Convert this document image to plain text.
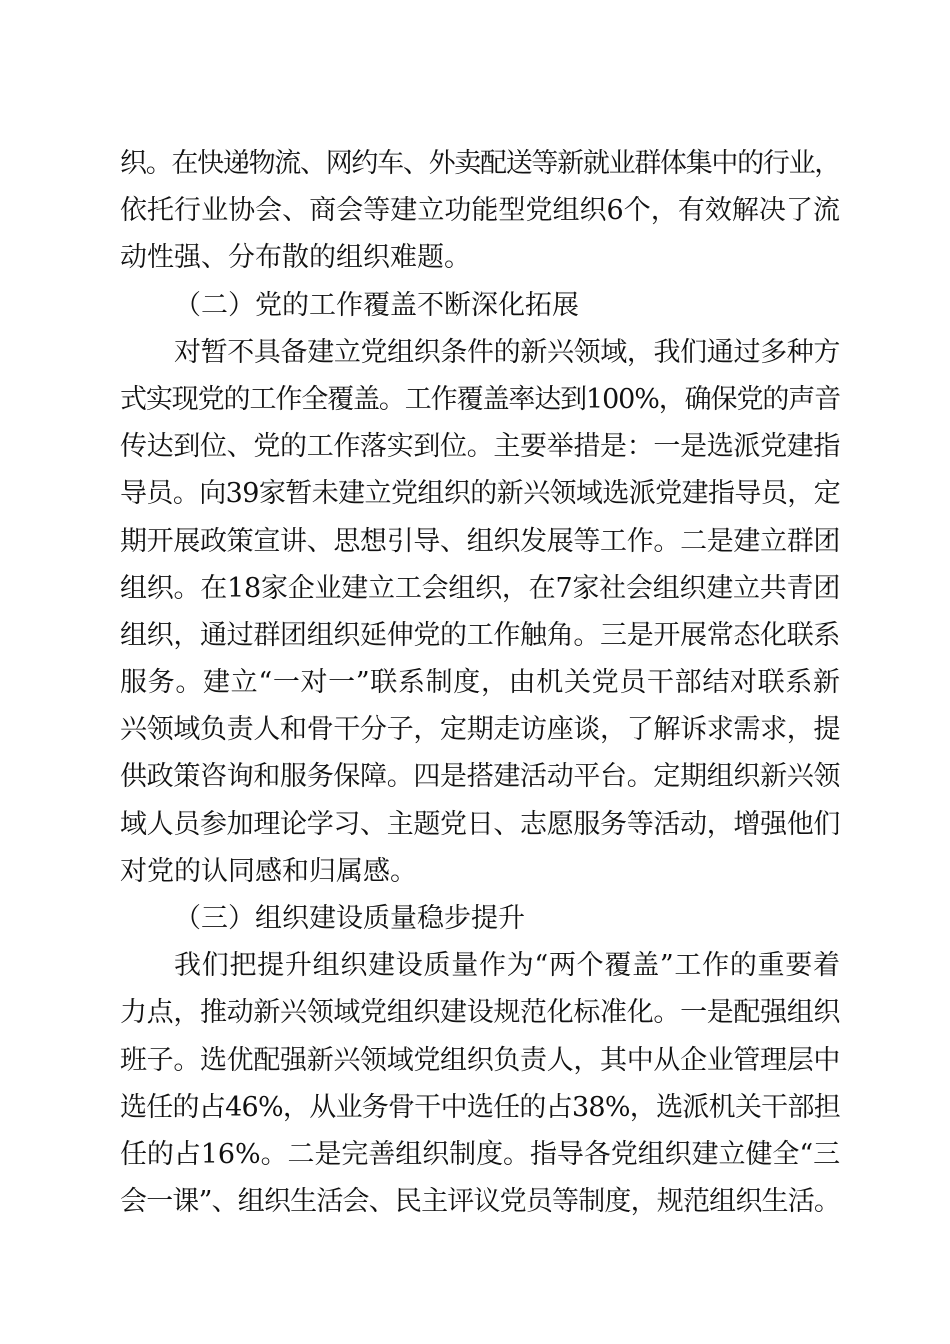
织。在快递物流、网约车、外卖配送等新就业群体集中的行业，
依托行业协会、商会等建立功能型党组织6个，有效解决了流
动性强、分布散的组织难题。
（二）党的工作覆盖不断深化拓展
对暂不具备建立党组织条件的新兴领域，我们通过多种方
式实现党的工作全覆盖。工作覆盖率达到100%，确保党的声音
传达到位、党的工作落实到位。主要举措是：一是选派党建指
导员。向39家暂未建立党组织的新兴领域选派党建指导员，定
期开展政策宣讲、思想引导、组织发展等工作。二是建立群团
组织。在18家企业建立工会组织，在7家社会组织建立共青团
组织，通过群团组织延伸党的工作触角。三是开展常态化联系
服务。建立“一对一”联系制度，由机关党员干部结对联系新
兴领域负责人和骨干分子，定期走访座谈，了解诉求需求，提
供政策咨询和服务保障。四是搭建活动平台。定期组织新兴领
域人员参加理论学习、主题党日、志愿服务等活动，增强他们
对党的认同感和归属感。
（三）组织建设质量稳步提升
我们把提升组织建设质量作为“两个覆盖”工作的重要着
力点，推动新兴领域党组织建设规范化标准化。一是配强组织
班子。选优配强新兴领域党组织负责人，其中从企业管理层中
选任的占46%，从业务骨干中选任的占38%，选派机关干部担
任的占16%。二是完善组织制度。指导各党组织建立健全“三
会一课”、组织生活会、民主评议党员等制度，规范组织生活。
